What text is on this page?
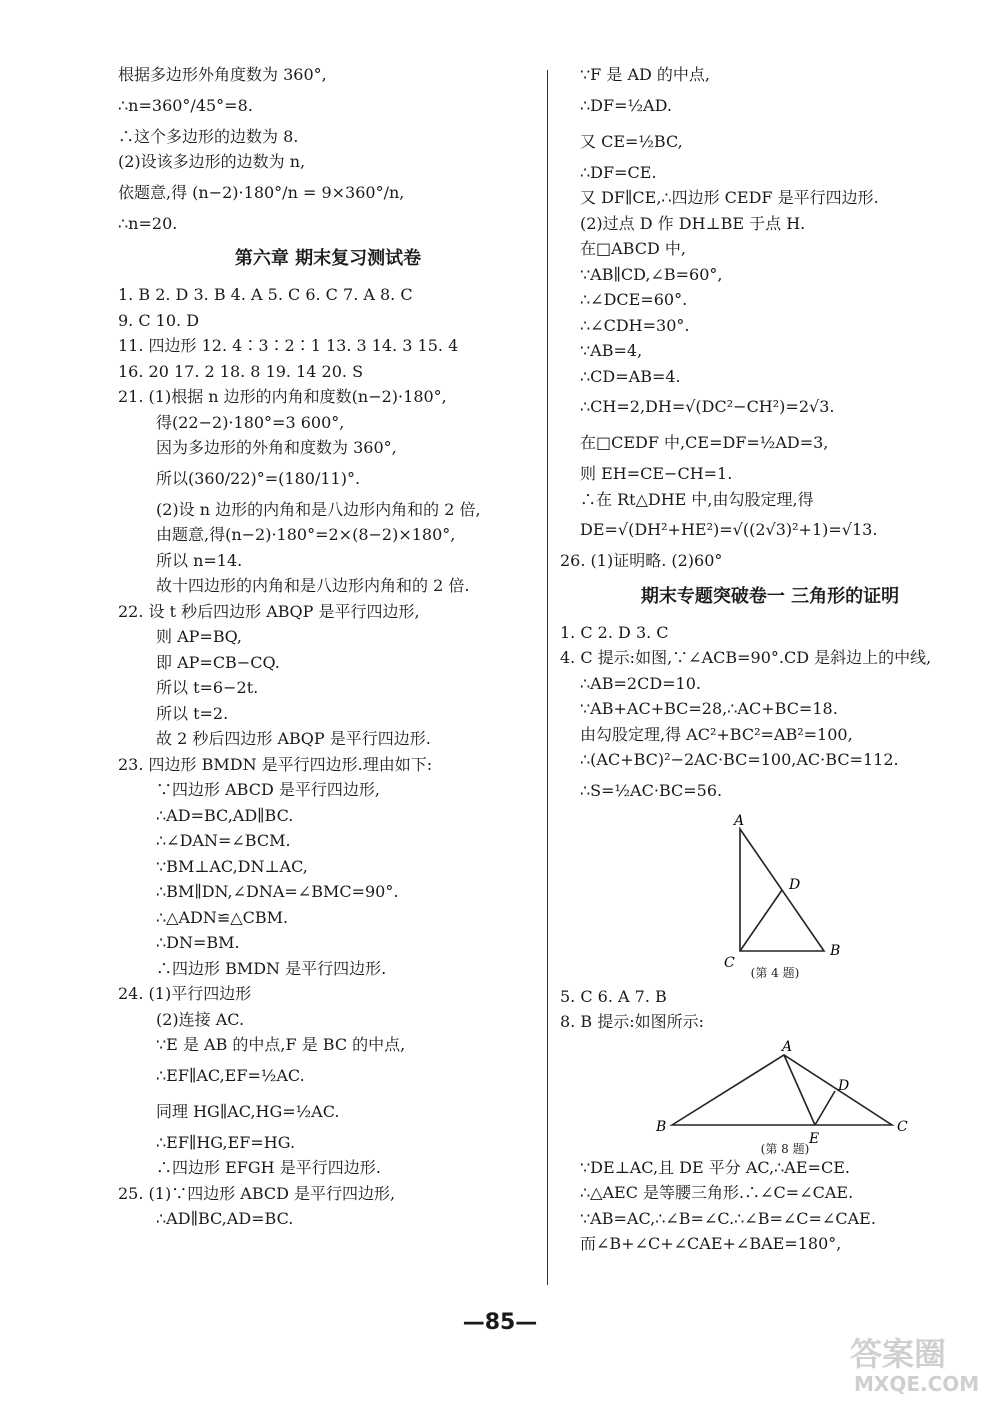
根据多边形外角度数为 360°,
∴n=360°/45°=8.
∴这个多边形的边数为 8.
(2)设该多边形的边数为 n,
依题意,得 (n−2)·180°/n = 9×360°/n,
∴n=20.
第六章 期末复习测试卷
1. B 2. D 3. B 4. A 5. C 6. C 7. A 8. C
9. C 10. D
11. 四边形 12. 4∶3∶2∶1 13. 3 14. 3 15. 4
16. 20 17. 2 18. 8 19. 14 20. S
21. (1)根据 n 边形的内角和度数(n−2)·180°,
得(22−2)·180°=3 600°,
因为多边形的外角和度数为 360°,
所以(360/22)°=(180/11)°.
(2)设 n 边形的内角和是八边形内角和的 2 倍,
由题意,得(n−2)·180°=2×(8−2)×180°,
所以 n=14.
故十四边形的内角和是八边形内角和的 2 倍.
22. 设 t 秒后四边形 ABQP 是平行四边形,
则 AP=BQ,
即 AP=CB−CQ.
所以 t=6−2t.
所以 t=2.
故 2 秒后四边形 ABQP 是平行四边形.
23. 四边形 BMDN 是平行四边形.理由如下:
∵四边形 ABCD 是平行四边形,
∴AD=BC,AD∥BC.
∴∠DAN=∠BCM.
∵BM⊥AC,DN⊥AC,
∴BM∥DN,∠DNA=∠BMC=90°.
∴△ADN≌△CBM.
∴DN=BM.
∴四边形 BMDN 是平行四边形.
24. (1)平行四边形
(2)连接 AC.
∵E 是 AB 的中点,F 是 BC 的中点,
∴EF∥AC,EF=½AC.
同理 HG∥AC,HG=½AC.
∴EF∥HG,EF=HG.
∴四边形 EFGH 是平行四边形.
25. (1)∵四边形 ABCD 是平行四边形,
∴AD∥BC,AD=BC.
∵F 是 AD 的中点,
∴DF=½AD.
又 CE=½BC,
∴DF=CE.
又 DF∥CE,∴四边形 CEDF 是平行四边形.
(2)过点 D 作 DH⊥BE 于点 H.
在□ABCD 中,
∵AB∥CD,∠B=60°,
∴∠DCE=60°.
∴∠CDH=30°.
∵AB=4,
∴CD=AB=4.
∴CH=2,DH=√(DC²−CH²)=2√3.
在□CEDF 中,CE=DF=½AD=3,
则 EH=CE−CH=1.
∴在 Rt△DHE 中,由勾股定理,得
DE=√(DH²+HE²)=√((2√3)²+1)=√13.
26. (1)证明略. (2)60°
期末专题突破卷一 三角形的证明
1. C 2. D 3. C
4. C 提示:如图,∵∠ACB=90°.CD 是斜边上的中线,
∴AB=2CD=10.
∵AB+AC+BC=28,∴AC+BC=18.
由勾股定理,得 AC²+BC²=AB²=100,
∴(AC+BC)²−2AC·BC=100,AC·BC=112.
∴S=½AC·BC=56.
A
D
C
B
(第 4 题)
5. C 6. A 7. B
8. B 提示:如图所示:
A
D
B	C
E
(第 8 题)
∵DE⊥AC,且 DE 平分 AC,∴AE=CE.
∴△AEC 是等腰三角形.∴∠C=∠CAE.
∵AB=AC,∴∠B=∠C.∴∠B=∠C=∠CAE.
而∠B+∠C+∠CAE+∠BAE=180°,
—85—
答案圈
MXQE.COM
